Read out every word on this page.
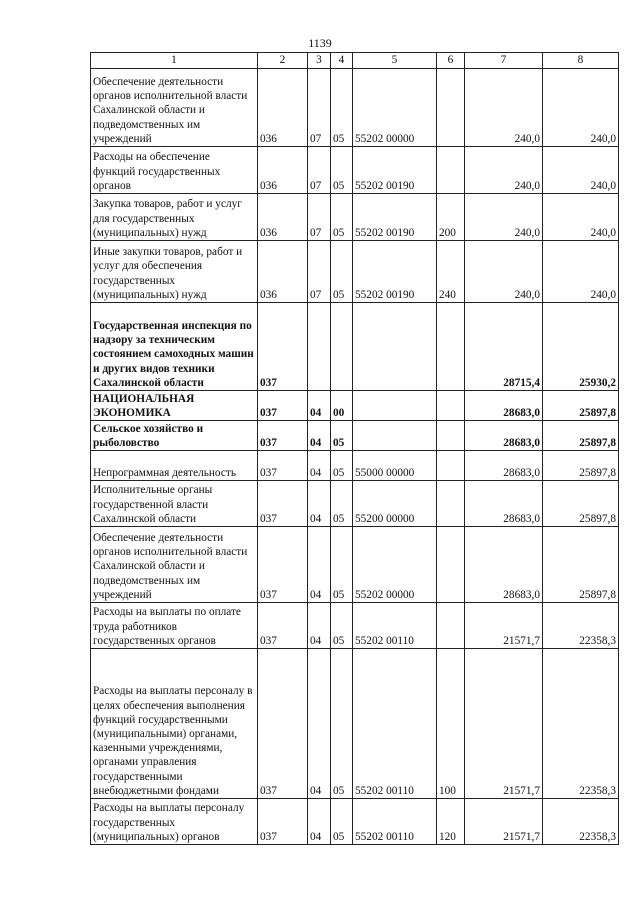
1139
1	2	3	4	5	6	7	8
Обеспечение деятельности органов исполнительной власти Сахалинской области и подведомственных им учреждений	036	07	05	55202 00000		240,0	240,0
Расходы на обеспечение функций государственных органов	036	07	05	55202 00190		240,0	240,0
Закупка товаров, работ и услуг для государственных (муниципальных) нужд	036	07	05	55202 00190	200	240,0	240,0
Иные закупки товаров, работ и услуг для обеспечения государственных (муниципальных) нужд	036	07	05	55202 00190	240	240,0	240,0
Государственная инспекция по надзору за техническим состоянием самоходных машин и других видов техники Сахалинской области	037					28715,4	25930,2
НАЦИОНАЛЬНАЯ ЭКОНОМИКА	037	04	00			28683,0	25897,8
Сельское хозяйство и рыболовство	037	04	05			28683,0	25897,8
Непрограммная деятельность	037	04	05	55000 00000		28683,0	25897,8
Исполнительные органы государственной власти Сахалинской области	037	04	05	55200 00000		28683,0	25897,8
Обеспечение деятельности органов исполнительной власти Сахалинской области и подведомственных им учреждений	037	04	05	55202 00000		28683,0	25897,8
Расходы на выплаты по оплате труда работников государственных органов	037	04	05	55202 00110		21571,7	22358,3
Расходы на выплаты персоналу в целях обеспечения выполнения функций государственными (муниципальными) органами, казенными учреждениями, органами управления государственными внебюджетными фондами	037	04	05	55202 00110	100	21571,7	22358,3
Расходы на выплаты персоналу государственных (муниципальных) органов	037	04	05	55202 00110	120	21571,7	22358,3
